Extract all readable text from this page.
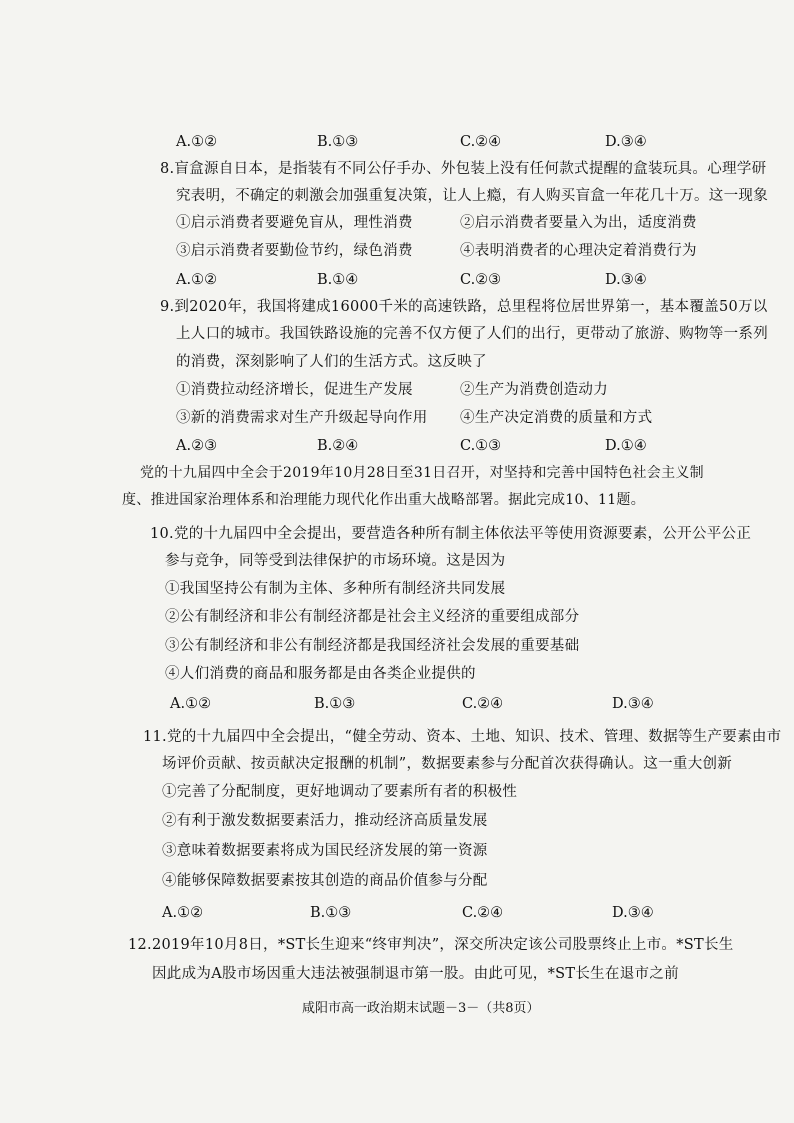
A.①②	B.①③	C.②④	D.③④
8.盲盒源自日本，是指装有不同公仔手办、外包装上没有任何款式提醒的盒装玩具。心理学研
究表明，不确定的刺激会加强重复决策，让人上瘾，有人购买盲盒一年花几十万。这一现象
①启示消费者要避免盲从，理性消费	②启示消费者要量入为出，适度消费
③启示消费者要勤俭节约，绿色消费	④表明消费者的心理决定着消费行为
A.①②	B.①④	C.②③	D.③④
9.到2020年，我国将建成16000千米的高速铁路，总里程将位居世界第一，基本覆盖50万以
上人口的城市。我国铁路设施的完善不仅方便了人们的出行，更带动了旅游、购物等一系列
的消费，深刻影响了人们的生活方式。这反映了
①消费拉动经济增长，促进生产发展	②生产为消费创造动力
③新的消费需求对生产升级起导向作用 ④生产决定消费的质量和方式
A.②③	B.②④	C.①③	D.①④
党的十九届四中全会于2019年10月28日至31日召开，对坚持和完善中国特色社会主义制
度、推进国家治理体系和治理能力现代化作出重大战略部署。据此完成10、11题。
10.党的十九届四中全会提出，要营造各种所有制主体依法平等使用资源要素，公开公平公正
参与竞争，同等受到法律保护的市场环境。这是因为
①我国坚持公有制为主体、多种所有制经济共同发展
②公有制经济和非公有制经济都是社会主义经济的重要组成部分
③公有制经济和非公有制经济都是我国经济社会发展的重要基础
④人们消费的商品和服务都是由各类企业提供的
A.①②	B.①③	C.②④	D.③④
11.党的十九届四中全会提出，“健全劳动、资本、土地、知识、技术、管理、数据等生产要素由市
场评价贡献、按贡献决定报酬的机制”，数据要素参与分配首次获得确认。这一重大创新
①完善了分配制度，更好地调动了要素所有者的积极性
②有利于激发数据要素活力，推动经济高质量发展
③意味着数据要素将成为国民经济发展的第一资源
④能够保障数据要素按其创造的商品价值参与分配
A.①②	B.①③	C.②④	D.③④
12.2019年10月8日，*ST长生迎来“终审判决”，深交所决定该公司股票终止上市。*ST长生
因此成为A股市场因重大违法被强制退市第一股。由此可见，*ST长生在退市之前
咸阳市高一政治期末试题－3－（共8页）
